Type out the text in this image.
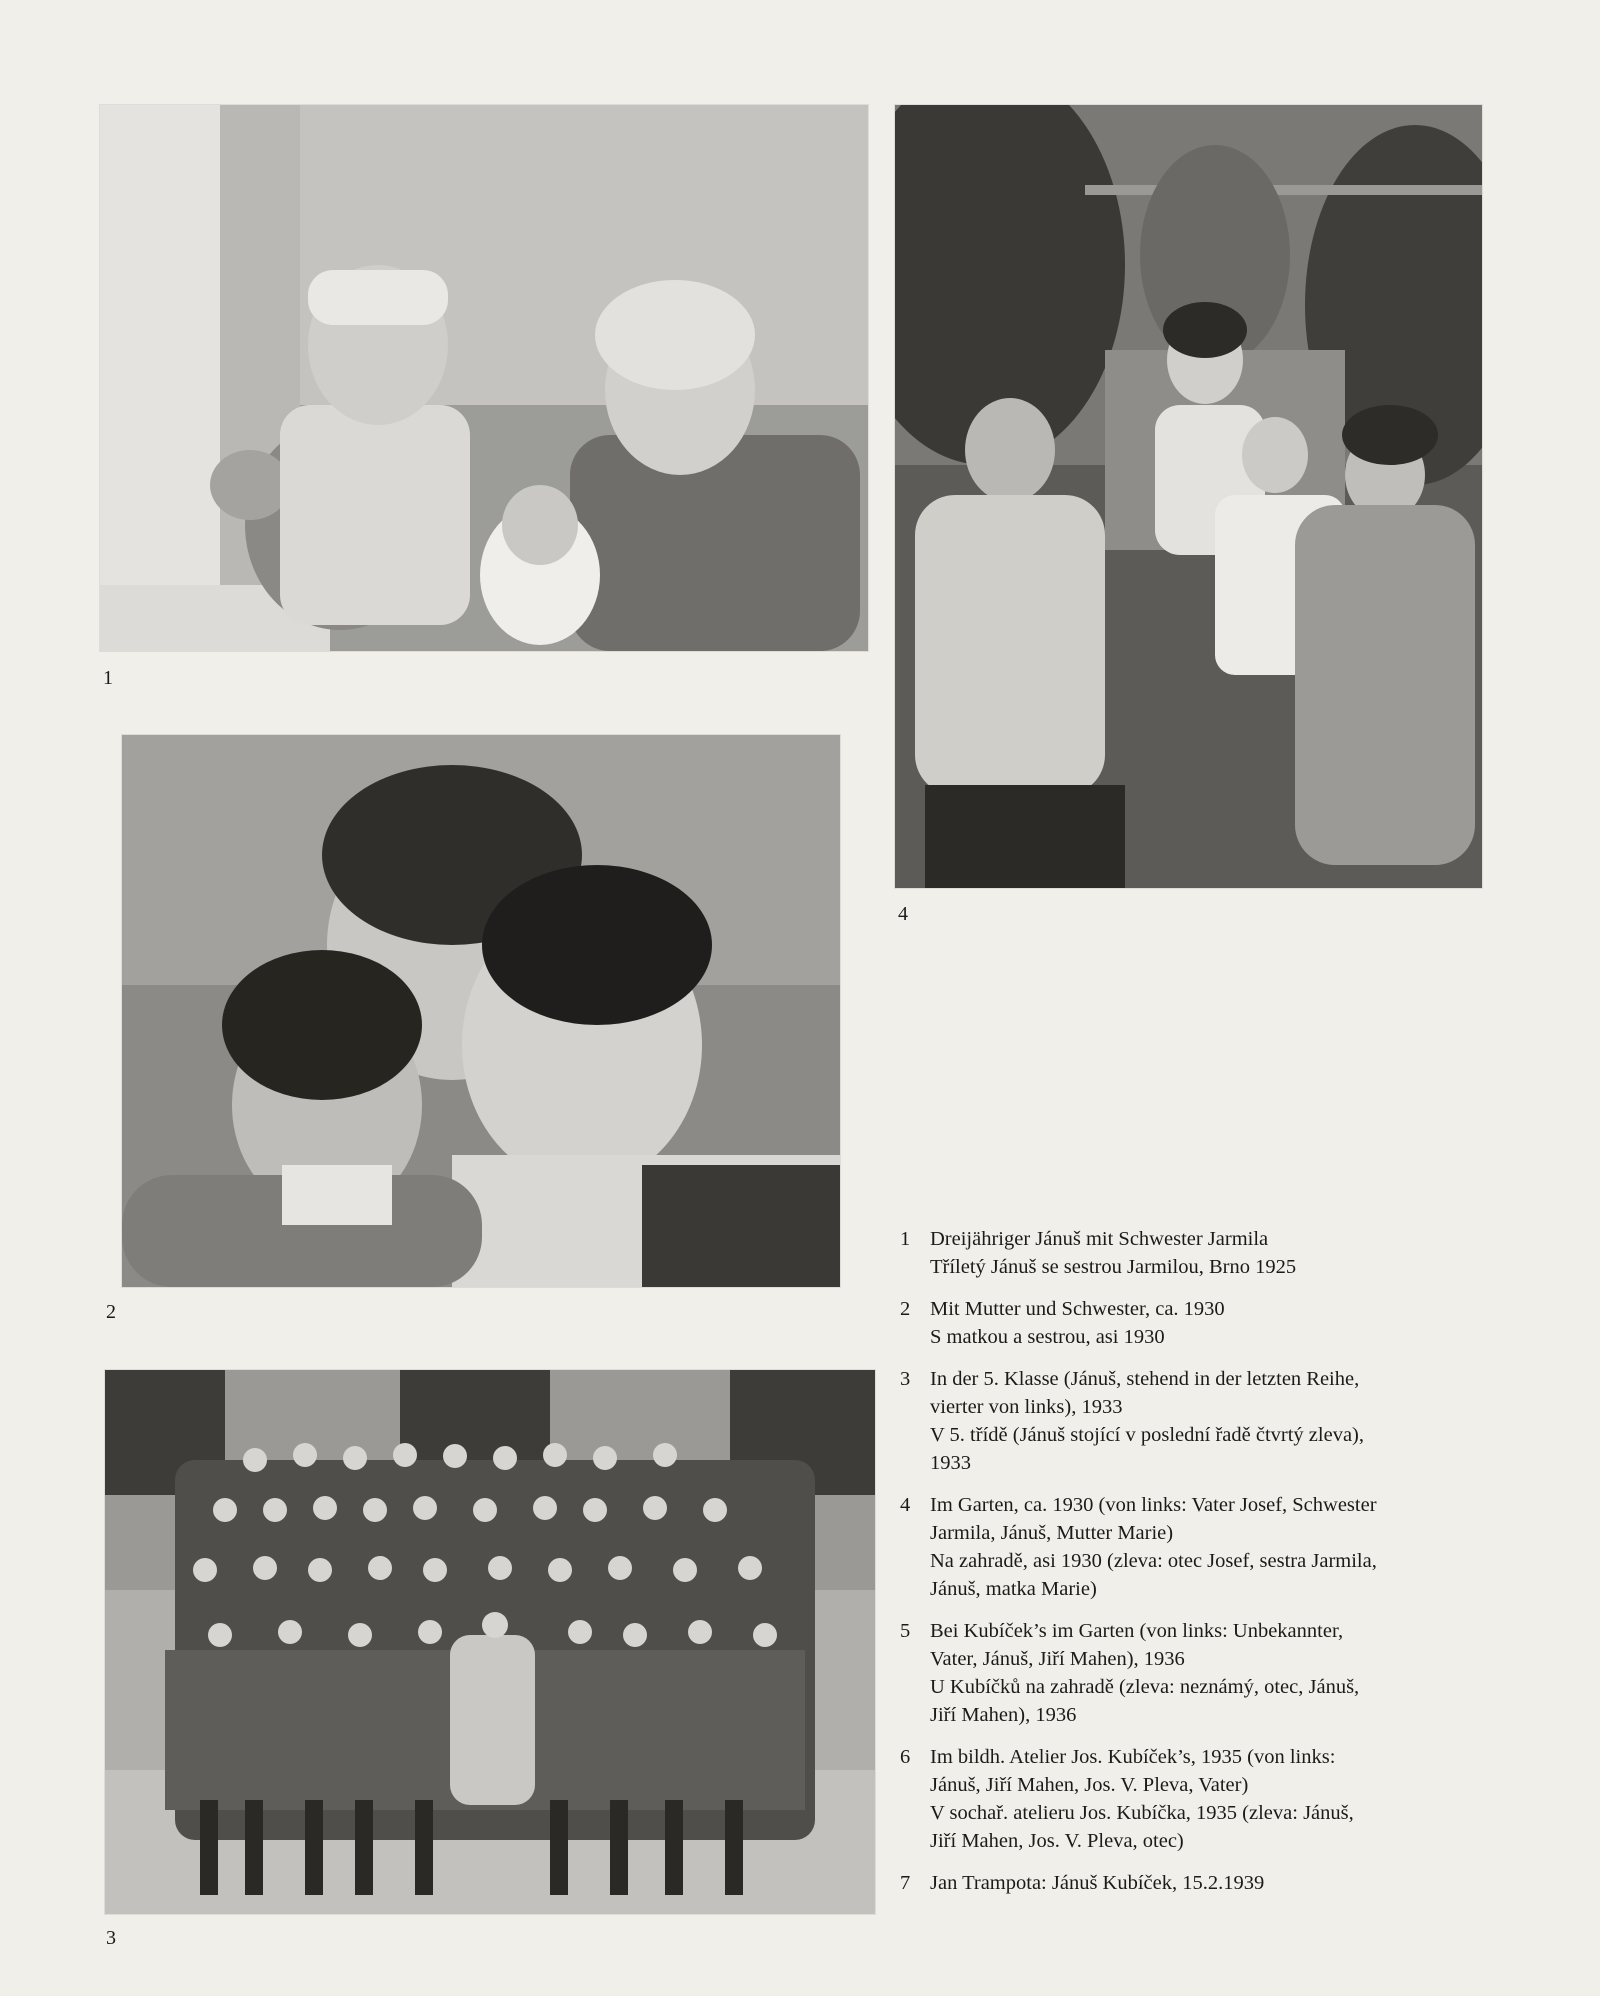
1
2
3
4
1 Dreijähriger Jánuš mit Schwester Jarmila
Tříletý Jánuš se sestrou Jarmilou, Brno 1925
2 Mit Mutter und Schwester, ca. 1930
S matkou a sestrou, asi 1930
3 In der 5. Klasse (Jánuš, stehend in der letzten Reihe,
vierter von links), 1933
V 5. třídě (Jánuš stojící v poslední řadě čtvrtý zleva),
1933
4 Im Garten, ca. 1930 (von links: Vater Josef, Schwester
Jarmila, Jánuš, Mutter Marie)
Na zahradě, asi 1930 (zleva: otec Josef, sestra Jarmila,
Jánuš, matka Marie)
5 Bei Kubíček’s im Garten (von links: Unbekannter,
Vater, Jánuš, Jiří Mahen), 1936
U Kubíčků na zahradě (zleva: neznámý, otec, Jánuš,
Jiří Mahen), 1936
6 Im bildh. Atelier Jos. Kubíček’s, 1935 (von links:
Jánuš, Jiří Mahen, Jos. V. Pleva, Vater)
V sochař. atelieru Jos. Kubíčka, 1935 (zleva: Jánuš,
Jiří Mahen, Jos. V. Pleva, otec)
7 Jan Trampota: Jánuš Kubíček, 15.2.1939
